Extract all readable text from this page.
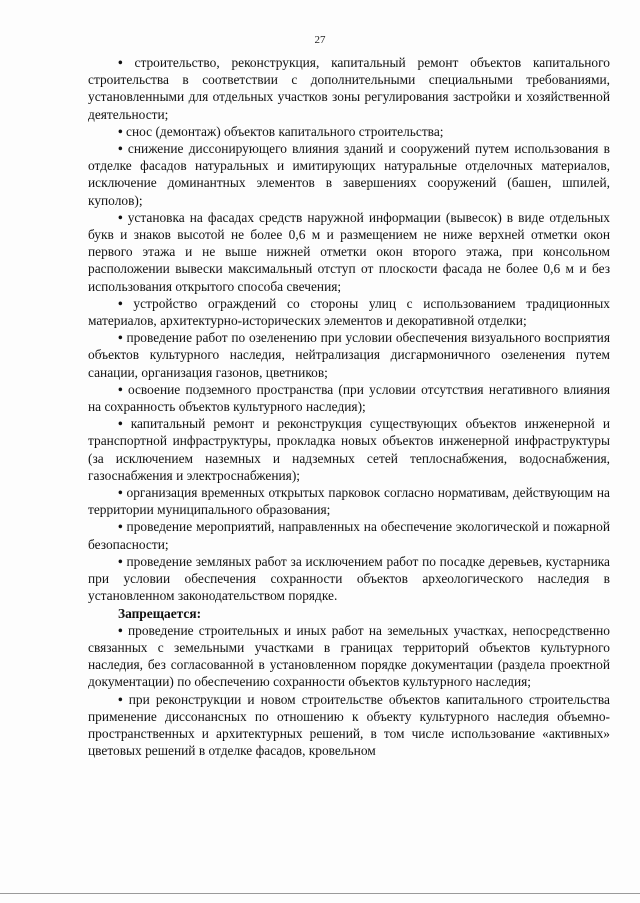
27

• строительство, реконструкция, капитальный ремонт объектов капитального строительства в соответствии с дополнительными специальными требованиями, установленными для отдельных участков зоны регулирования застройки и хозяйственной деятельности;

• снос (демонтаж) объектов капитального строительства;

• снижение диссонирующего влияния зданий и сооружений путем использования в отделке фасадов натуральных и имитирующих натуральные отделочных материалов, исключение доминантных элементов в завершениях сооружений (башен, шпилей, куполов);

• установка на фасадах средств наружной информации (вывесок) в виде отдельных букв и знаков высотой не более 0,6 м и размещением не ниже верхней отметки окон первого этажа и не выше нижней отметки окон второго этажа, при консольном расположении вывески максимальный отступ от плоскости фасада не более 0,6 м и без использования открытого способа свечения;

• устройство ограждений со стороны улиц с использованием традиционных материалов, архитектурно-исторических элементов и декоративной отделки;

• проведение работ по озеленению при условии обеспечения визуального восприятия объектов культурного наследия, нейтрализация дисгармоничного озеленения путем санации, организация газонов, цветников;

• освоение подземного пространства (при условии отсутствия негативного влияния на сохранность объектов культурного наследия);

• капитальный ремонт и реконструкция существующих объектов инженерной и транспортной инфраструктуры, прокладка новых объектов инженерной инфраструктуры (за исключением наземных и надземных сетей теплоснабжения, водоснабжения, газоснабжения и электроснабжения);

• организация временных открытых парковок согласно нормативам, действующим на территории муниципального образования;

• проведение мероприятий, направленных на обеспечение экологической и пожарной безопасности;

• проведение земляных работ за исключением работ по посадке деревьев, кустарника при условии обеспечения сохранности объектов археологического наследия в установленном законодательством порядке.

Запрещается:

• проведение строительных и иных работ на земельных участках, непосредственно связанных с земельными участками в границах территорий объектов культурного наследия, без согласованной в установленном порядке документации (раздела проектной документации) по обеспечению сохранности объектов культурного наследия;

• при реконструкции и новом строительстве объектов капитального строительства применение диссонансных по отношению к объекту культурного наследия объемно-пространственных и архитектурных решений, в том числе использование «активных» цветовых решений в отделке фасадов, кровельном
